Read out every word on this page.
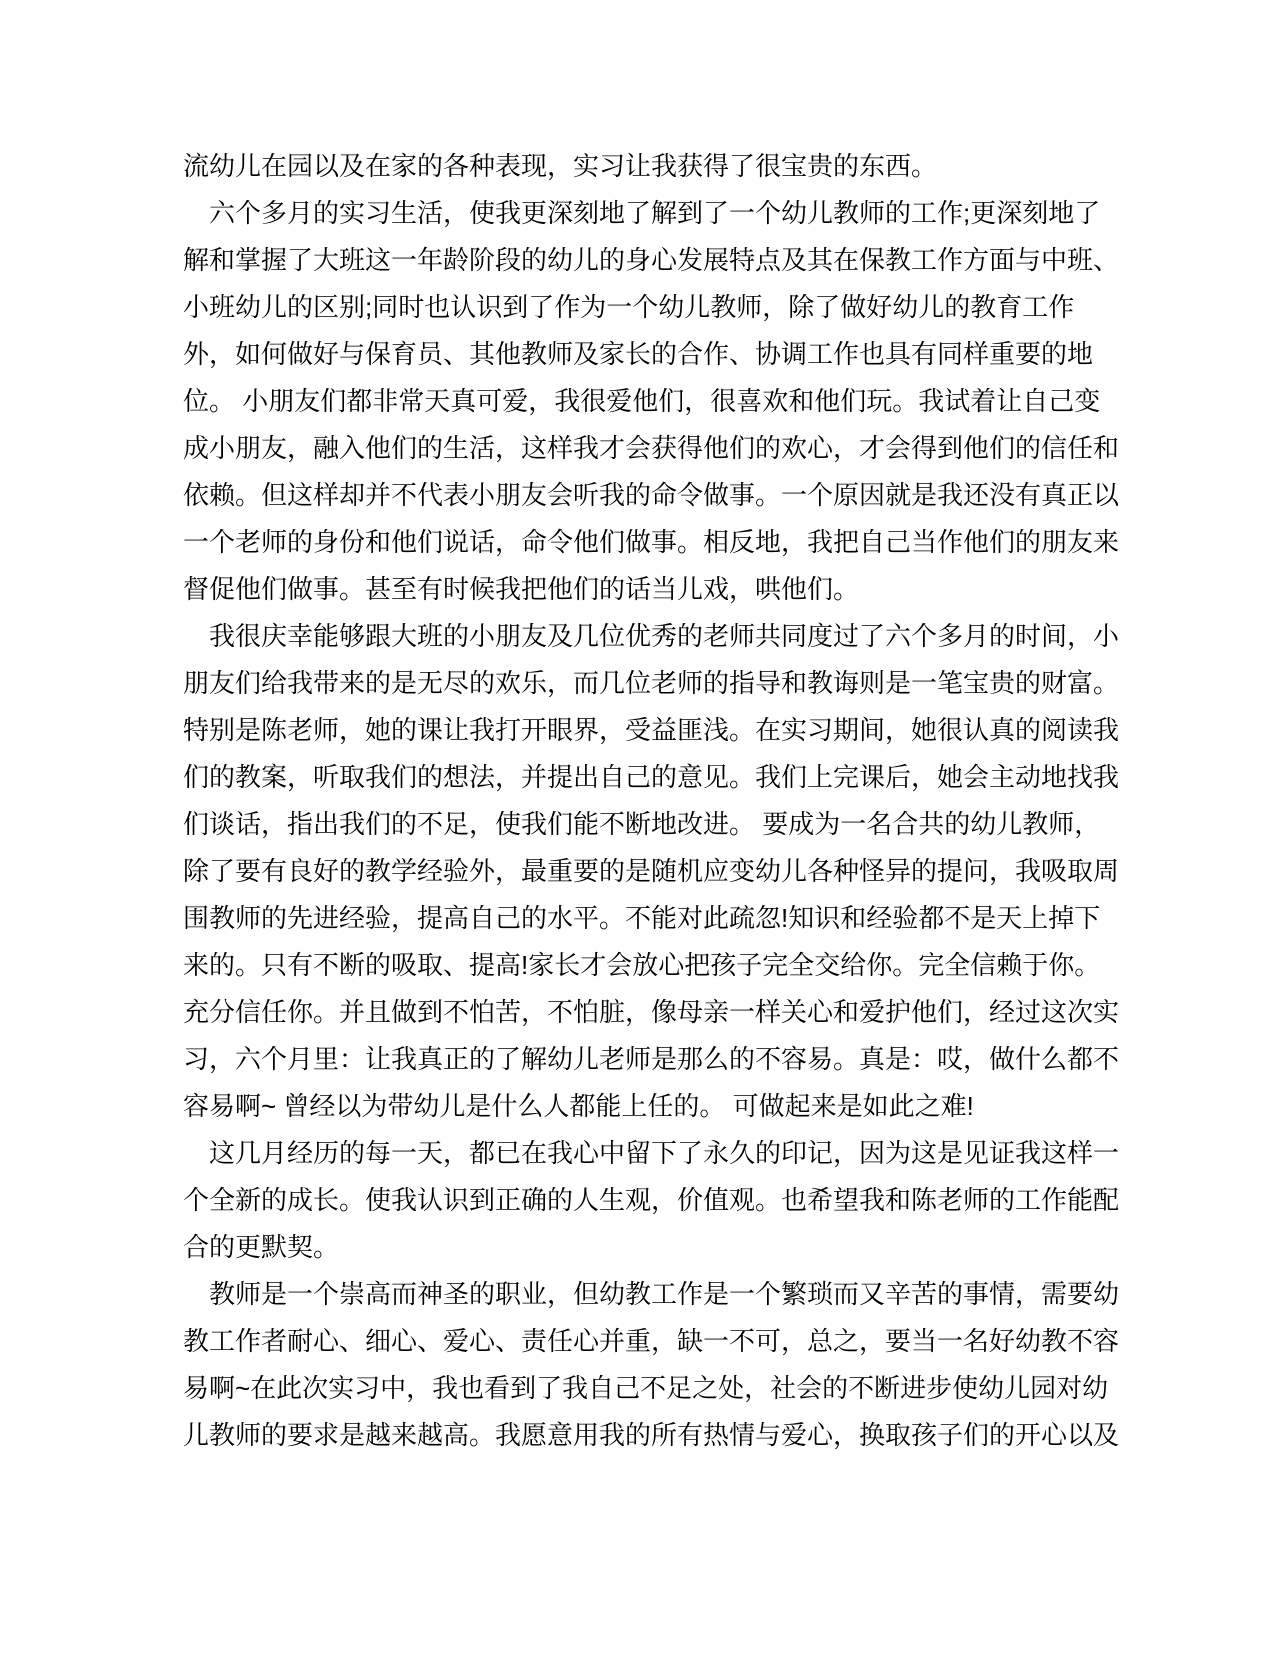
流幼儿在园以及在家的各种表现，实习让我获得了很宝贵的东西。
六个多月的实习生活，使我更深刻地了解到了一个幼儿教师的工作;更深刻地了
解和掌握了大班这一年龄阶段的幼儿的身心发展特点及其在保教工作方面与中班、
小班幼儿的区别;同时也认识到了作为一个幼儿教师，除了做好幼儿的教育工作
外，如何做好与保育员、其他教师及家长的合作、协调工作也具有同样重要的地
位。 小朋友们都非常天真可爱，我很爱他们，很喜欢和他们玩。我试着让自己变
成小朋友，融入他们的生活，这样我才会获得他们的欢心，才会得到他们的信任和
依赖。但这样却并不代表小朋友会听我的命令做事。一个原因就是我还没有真正以
一个老师的身份和他们说话，命令他们做事。相反地，我把自己当作他们的朋友来
督促他们做事。甚至有时候我把他们的话当儿戏，哄他们。
我很庆幸能够跟大班的小朋友及几位优秀的老师共同度过了六个多月的时间，小
朋友们给我带来的是无尽的欢乐，而几位老师的指导和教诲则是一笔宝贵的财富。
特别是陈老师，她的课让我打开眼界，受益匪浅。在实习期间，她很认真的阅读我
们的教案，听取我们的想法，并提出自己的意见。我们上完课后，她会主动地找我
们谈话，指出我们的不足，使我们能不断地改进。 要成为一名合共的幼儿教师，
除了要有良好的教学经验外，最重要的是随机应变幼儿各种怪异的提问，我吸取周
围教师的先进经验，提高自己的水平。不能对此疏忽!知识和经验都不是天上掉下
来的。只有不断的吸取、提高!家长才会放心把孩子完全交给你。完全信赖于你。
充分信任你。并且做到不怕苦，不怕脏，像母亲一样关心和爱护他们，经过这次实
习，六个月里：让我真正的了解幼儿老师是那么的不容易。真是：哎，做什么都不
容易啊~ 曾经以为带幼儿是什么人都能上任的。 可做起来是如此之难!
这几月经历的每一天，都已在我心中留下了永久的印记，因为这是见证我这样一
个全新的成长。使我认识到正确的人生观，价值观。也希望我和陈老师的工作能配
合的更默契。
教师是一个崇高而神圣的职业，但幼教工作是一个繁琐而又辛苦的事情，需要幼
教工作者耐心、细心、爱心、责任心并重，缺一不可，总之，要当一名好幼教不容
易啊~在此次实习中，我也看到了我自己不足之处，社会的不断进步使幼儿园对幼
儿教师的要求是越来越高。我愿意用我的所有热情与爱心，换取孩子们的开心以及
